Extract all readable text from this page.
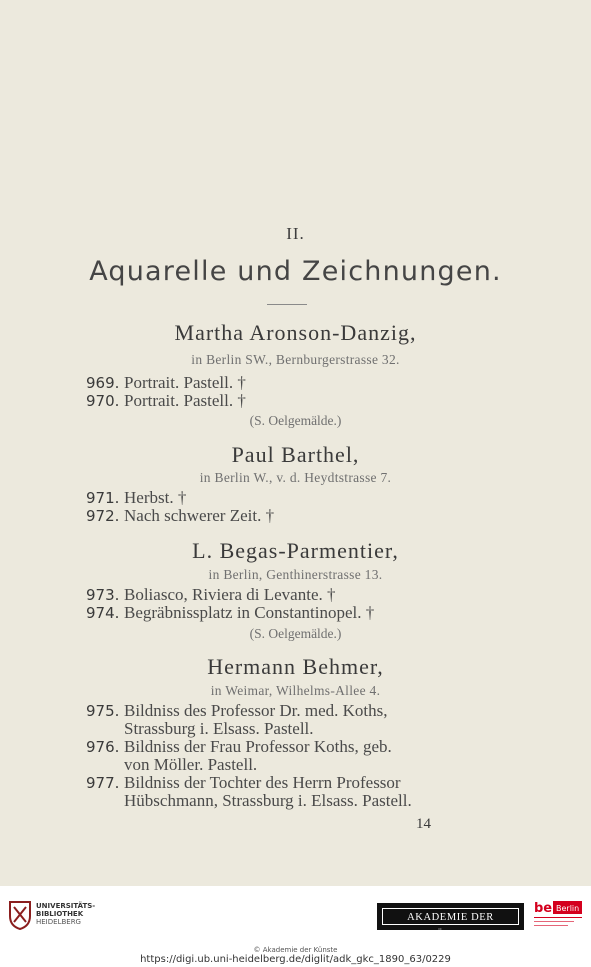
II.
Aquarelle und Zeichnungen.
Martha Aronson-Danzig,
in Berlin SW., Bernburgerstrasse 32.
969. Portrait. Pastell. †
970. Portrait. Pastell. †
(S. Oelgemälde.)
Paul Barthel,
in Berlin W., v. d. Heydtstrasse 7.
971. Herbst. †
972. Nach schwerer Zeit. †
L. Begas-Parmentier,
in Berlin, Genthinerstrasse 13.
973. Boliasco, Riviera di Levante. †
974. Begräbnissplatz in Constantinopel. †
(S. Oelgemälde.)
Hermann Behmer,
in Weimar, Wilhelms-Allee 4.
975. Bildniss des Professor Dr. med. Koths,
Strassburg i. Elsass. Pastell.
976. Bildniss der Frau Professor Koths, geb.
von Möller. Pastell.
977. Bildniss der Tochter des Herrn Professor
Hübschmann, Strassburg i. Elsass. Pastell.
14
UNIVERSITÄTS-
BIBLIOTHEK
HEIDELBERG	AKADEMIE DER KÜNSTE
be Berlin
© Akademie der Künste
https://digi.ub.uni-heidelberg.de/diglit/adk_gkc_1890_63/0229
